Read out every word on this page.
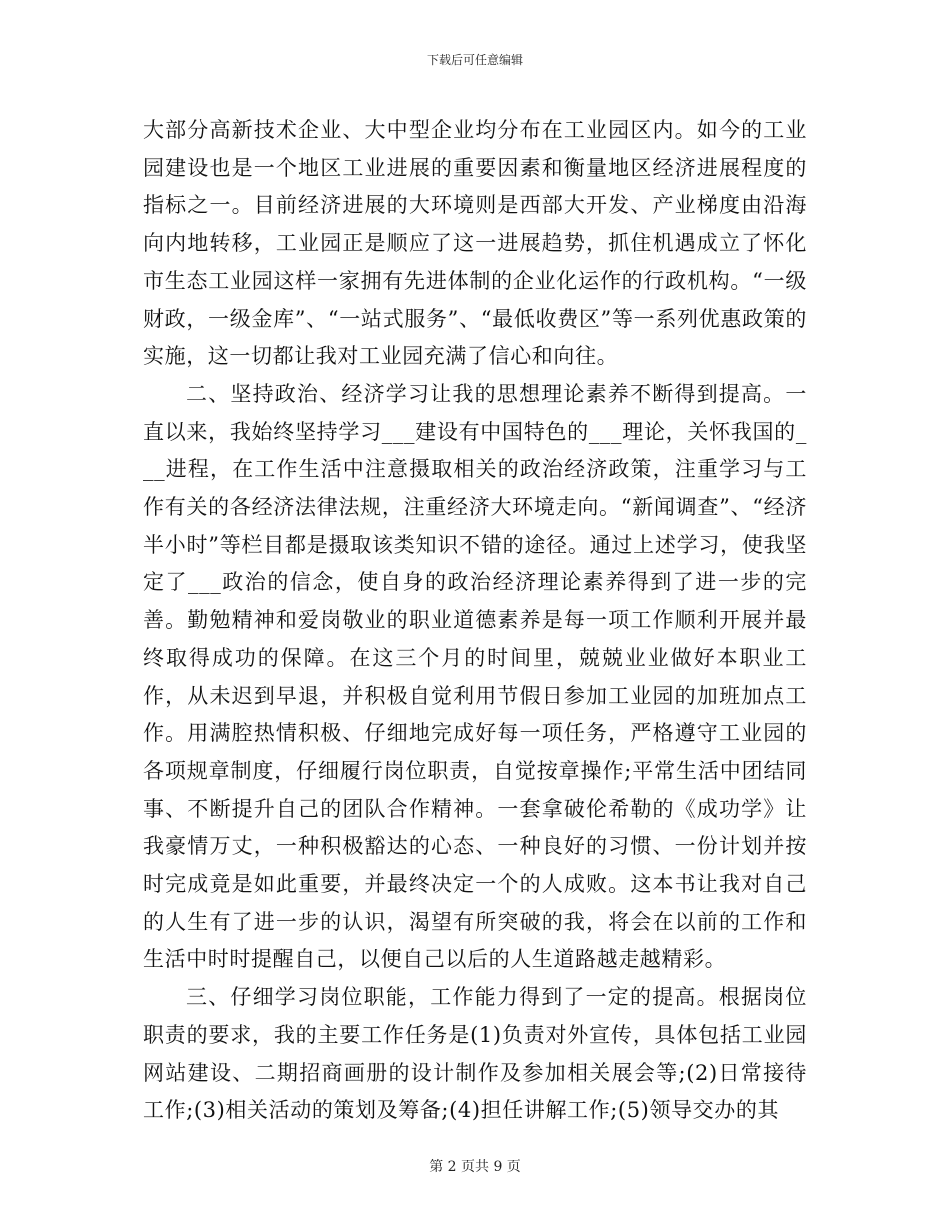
下载后可任意编辑

大部分高新技术企业、大中型企业均分布在工业园区内。如今的工业园建设也是一个地区工业进展的重要因素和衡量地区经济进展程度的指标之一。目前经济进展的大环境则是西部大开发、产业梯度由沿海向内地转移，工业园正是顺应了这一进展趋势，抓住机遇成立了怀化市生态工业园这样一家拥有先进体制的企业化运作的行政机构。“一级财政，一级金库”、“一站式服务”、“最低收费区”等一系列优惠政策的实施，这一切都让我对工业园充满了信心和向往。

二、坚持政治、经济学习让我的思想理论素养不断得到提高。一直以来，我始终坚持学习___建设有中国特色的___理论，关怀我国的___进程，在工作生活中注意摄取相关的政治经济政策，注重学习与工作有关的各经济法律法规，注重经济大环境走向。“新闻调查”、“经济半小时”等栏目都是摄取该类知识不错的途径。通过上述学习，使我坚定了___政治的信念，使自身的政治经济理论素养得到了进一步的完善。勤勉精神和爱岗敬业的职业道德素养是每一项工作顺利开展并最终取得成功的保障。在这三个月的时间里，兢兢业业做好本职业工作，从未迟到早退，并积极自觉利用节假日参加工业园的加班加点工作。用满腔热情积极、仔细地完成好每一项任务，严格遵守工业园的各项规章制度，仔细履行岗位职责，自觉按章操作;平常生活中团结同事、不断提升自己的团队合作精神。一套拿破伦希勒的《成功学》让我豪情万丈，一种积极豁达的心态、一种良好的习惯、一份计划并按时完成竟是如此重要，并最终决定一个的人成败。这本书让我对自己的人生有了进一步的认识，渴望有所突破的我，将会在以前的工作和生活中时时提醒自己，以便自己以后的人生道路越走越精彩。

三、仔细学习岗位职能，工作能力得到了一定的提高。根据岗位职责的要求，我的主要工作任务是(1)负责对外宣传，具体包括工业园网站建设、二期招商画册的设计制作及参加相关展会等;(2)日常接待工作;(3)相关活动的策划及筹备;(4)担任讲解工作;(5)领导交办的其

第 2 页共 9 页
